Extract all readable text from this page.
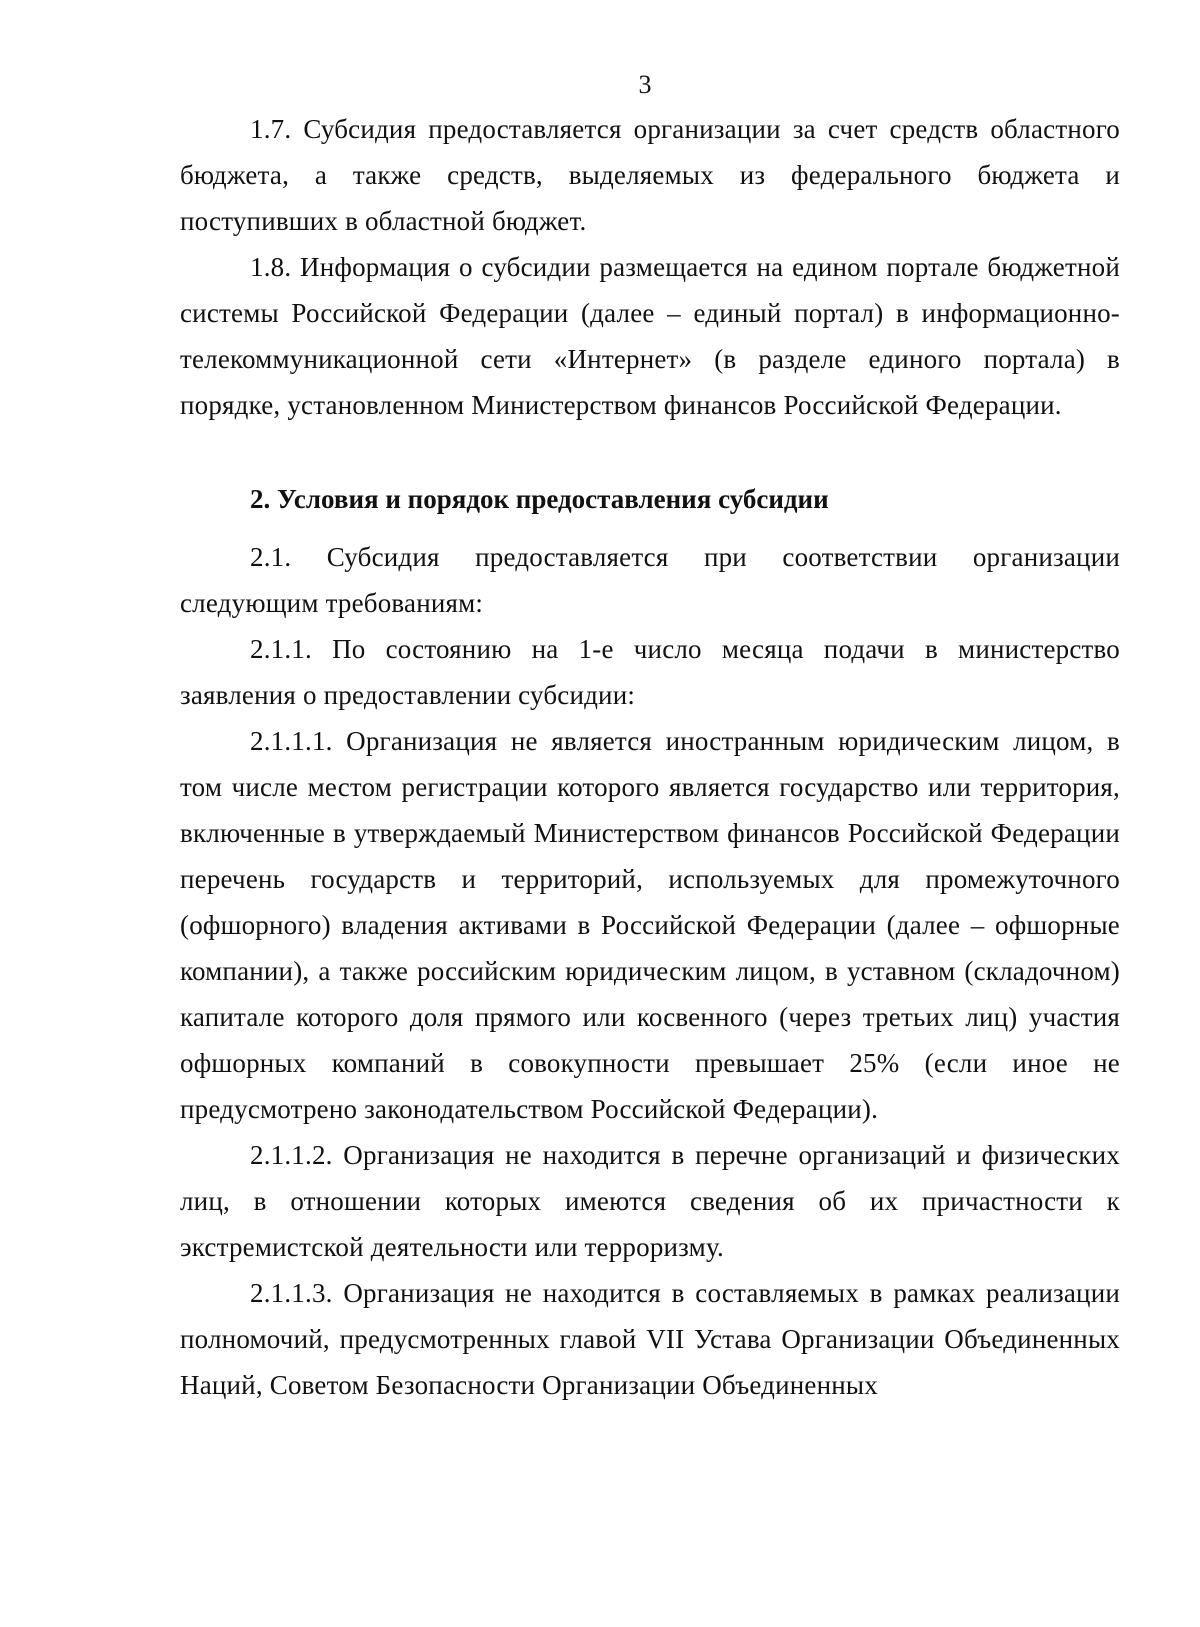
3

1.7. Субсидия предоставляется организации за счет средств областного бюджета, а также средств, выделяемых из федерального бюджета и поступивших в областной бюджет.

1.8. Информация о субсидии размещается на едином портале бюджетной системы Российской Федерации (далее – единый портал) в информационно-телекоммуникационной сети «Интернет» (в разделе единого портала) в порядке, установленном Министерством финансов Российской Федерации.

2. Условия и порядок предоставления субсидии

2.1. Субсидия предоставляется при соответствии организации следующим требованиям:

2.1.1. По состоянию на 1-е число месяца подачи в министерство заявления о предоставлении субсидии:

2.1.1.1. Организация не является иностранным юридическим лицом, в том числе местом регистрации которого является государство или территория, включенные в утверждаемый Министерством финансов Российской Федерации перечень государств и территорий, используемых для промежуточного (офшорного) владения активами в Российской Федерации (далее – офшорные компании), а также российским юридическим лицом, в уставном (складочном) капитале которого доля прямого или косвенного (через третьих лиц) участия офшорных компаний в совокупности превышает 25% (если иное не предусмотрено законодательством Российской Федерации).

2.1.1.2. Организация не находится в перечне организаций и физических лиц, в отношении которых имеются сведения об их причастности к экстремистской деятельности или терроризму.

2.1.1.3. Организация не находится в составляемых в рамках реализации полномочий, предусмотренных главой VII Устава Организации Объединенных Наций, Советом Безопасности Организации Объединенных
